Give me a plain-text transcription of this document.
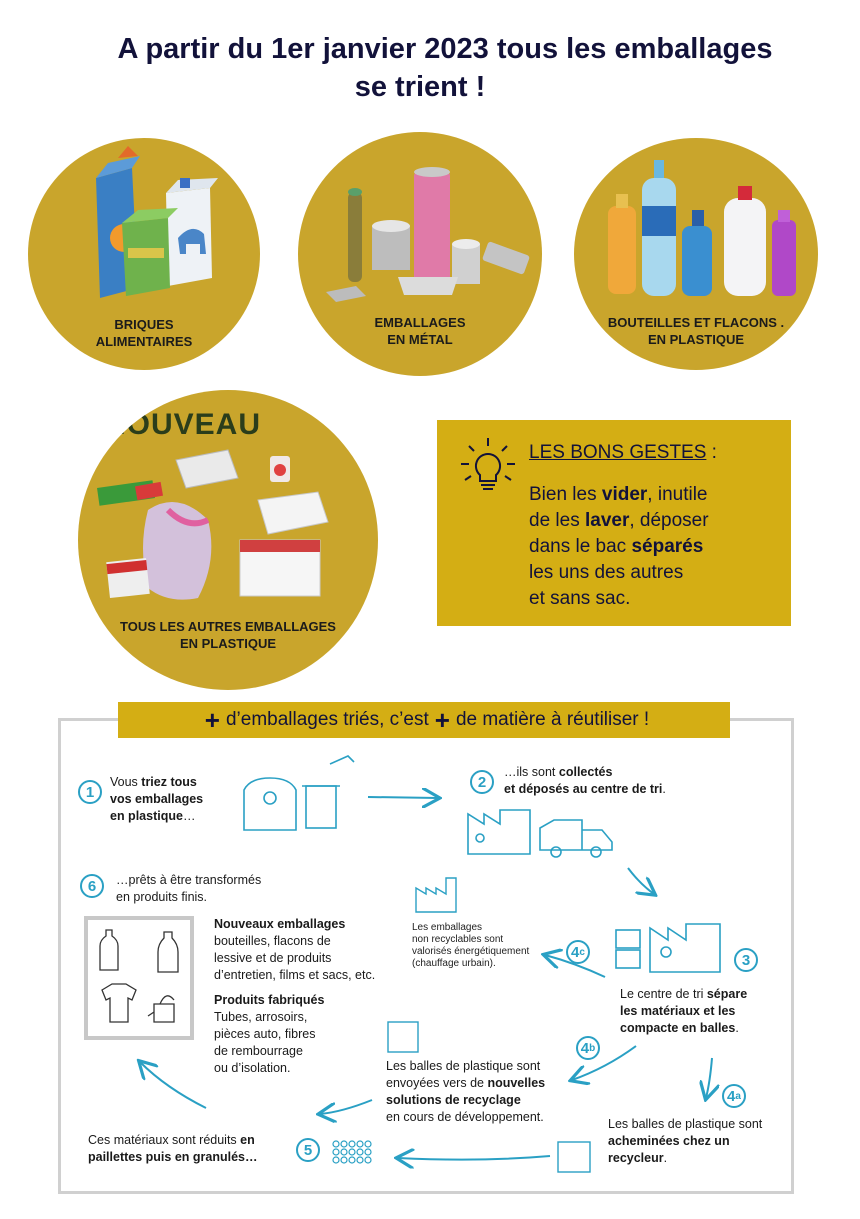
A partir du 1er janvier 2023 tous les emballages
se trient !
BRIQUES
ALIMENTAIRES
EMBALLAGES
EN MÉTAL
BOUTEILLES ET FLACONS .
EN PLASTIQUE
NOUVEAU
TOUS LES AUTRES EMBALLAGES
EN PLASTIQUE
LES BONS GESTES :
Bien les vider, inutile
de les laver, déposer
dans le bac séparés
les uns des autres
et sans sac.
+ d’emballages triés, c’est + de matière à réutiliser !
1
Vous triez tous
vos emballages
en plastique…
2
…ils sont collectés
et déposés au centre de tri.
4 c
Les emballages
non recyclables sont
valorisés énergétiquement
(chauffage urbain).	3
Le centre de tri sépare
les matériaux et les
compacte en balles.
4 b
Les balles de plastique sont
envoyées vers de nouvelles
solutions de recyclage
en cours de développement.
4 a
Les balles de plastique sont
acheminées chez un
recycleur.
5
Ces matériaux sont réduits en
paillettes puis en granulés…
6	…prêts à être transformés
en produits finis.
Nouveaux emballages
bouteilles, flacons de
lessive et de produits
d’entretien, films et sacs, etc.
Produits fabriqués
Tubes, arrosoirs,
pièces auto, fibres
de rembourrage
ou d’isolation.
